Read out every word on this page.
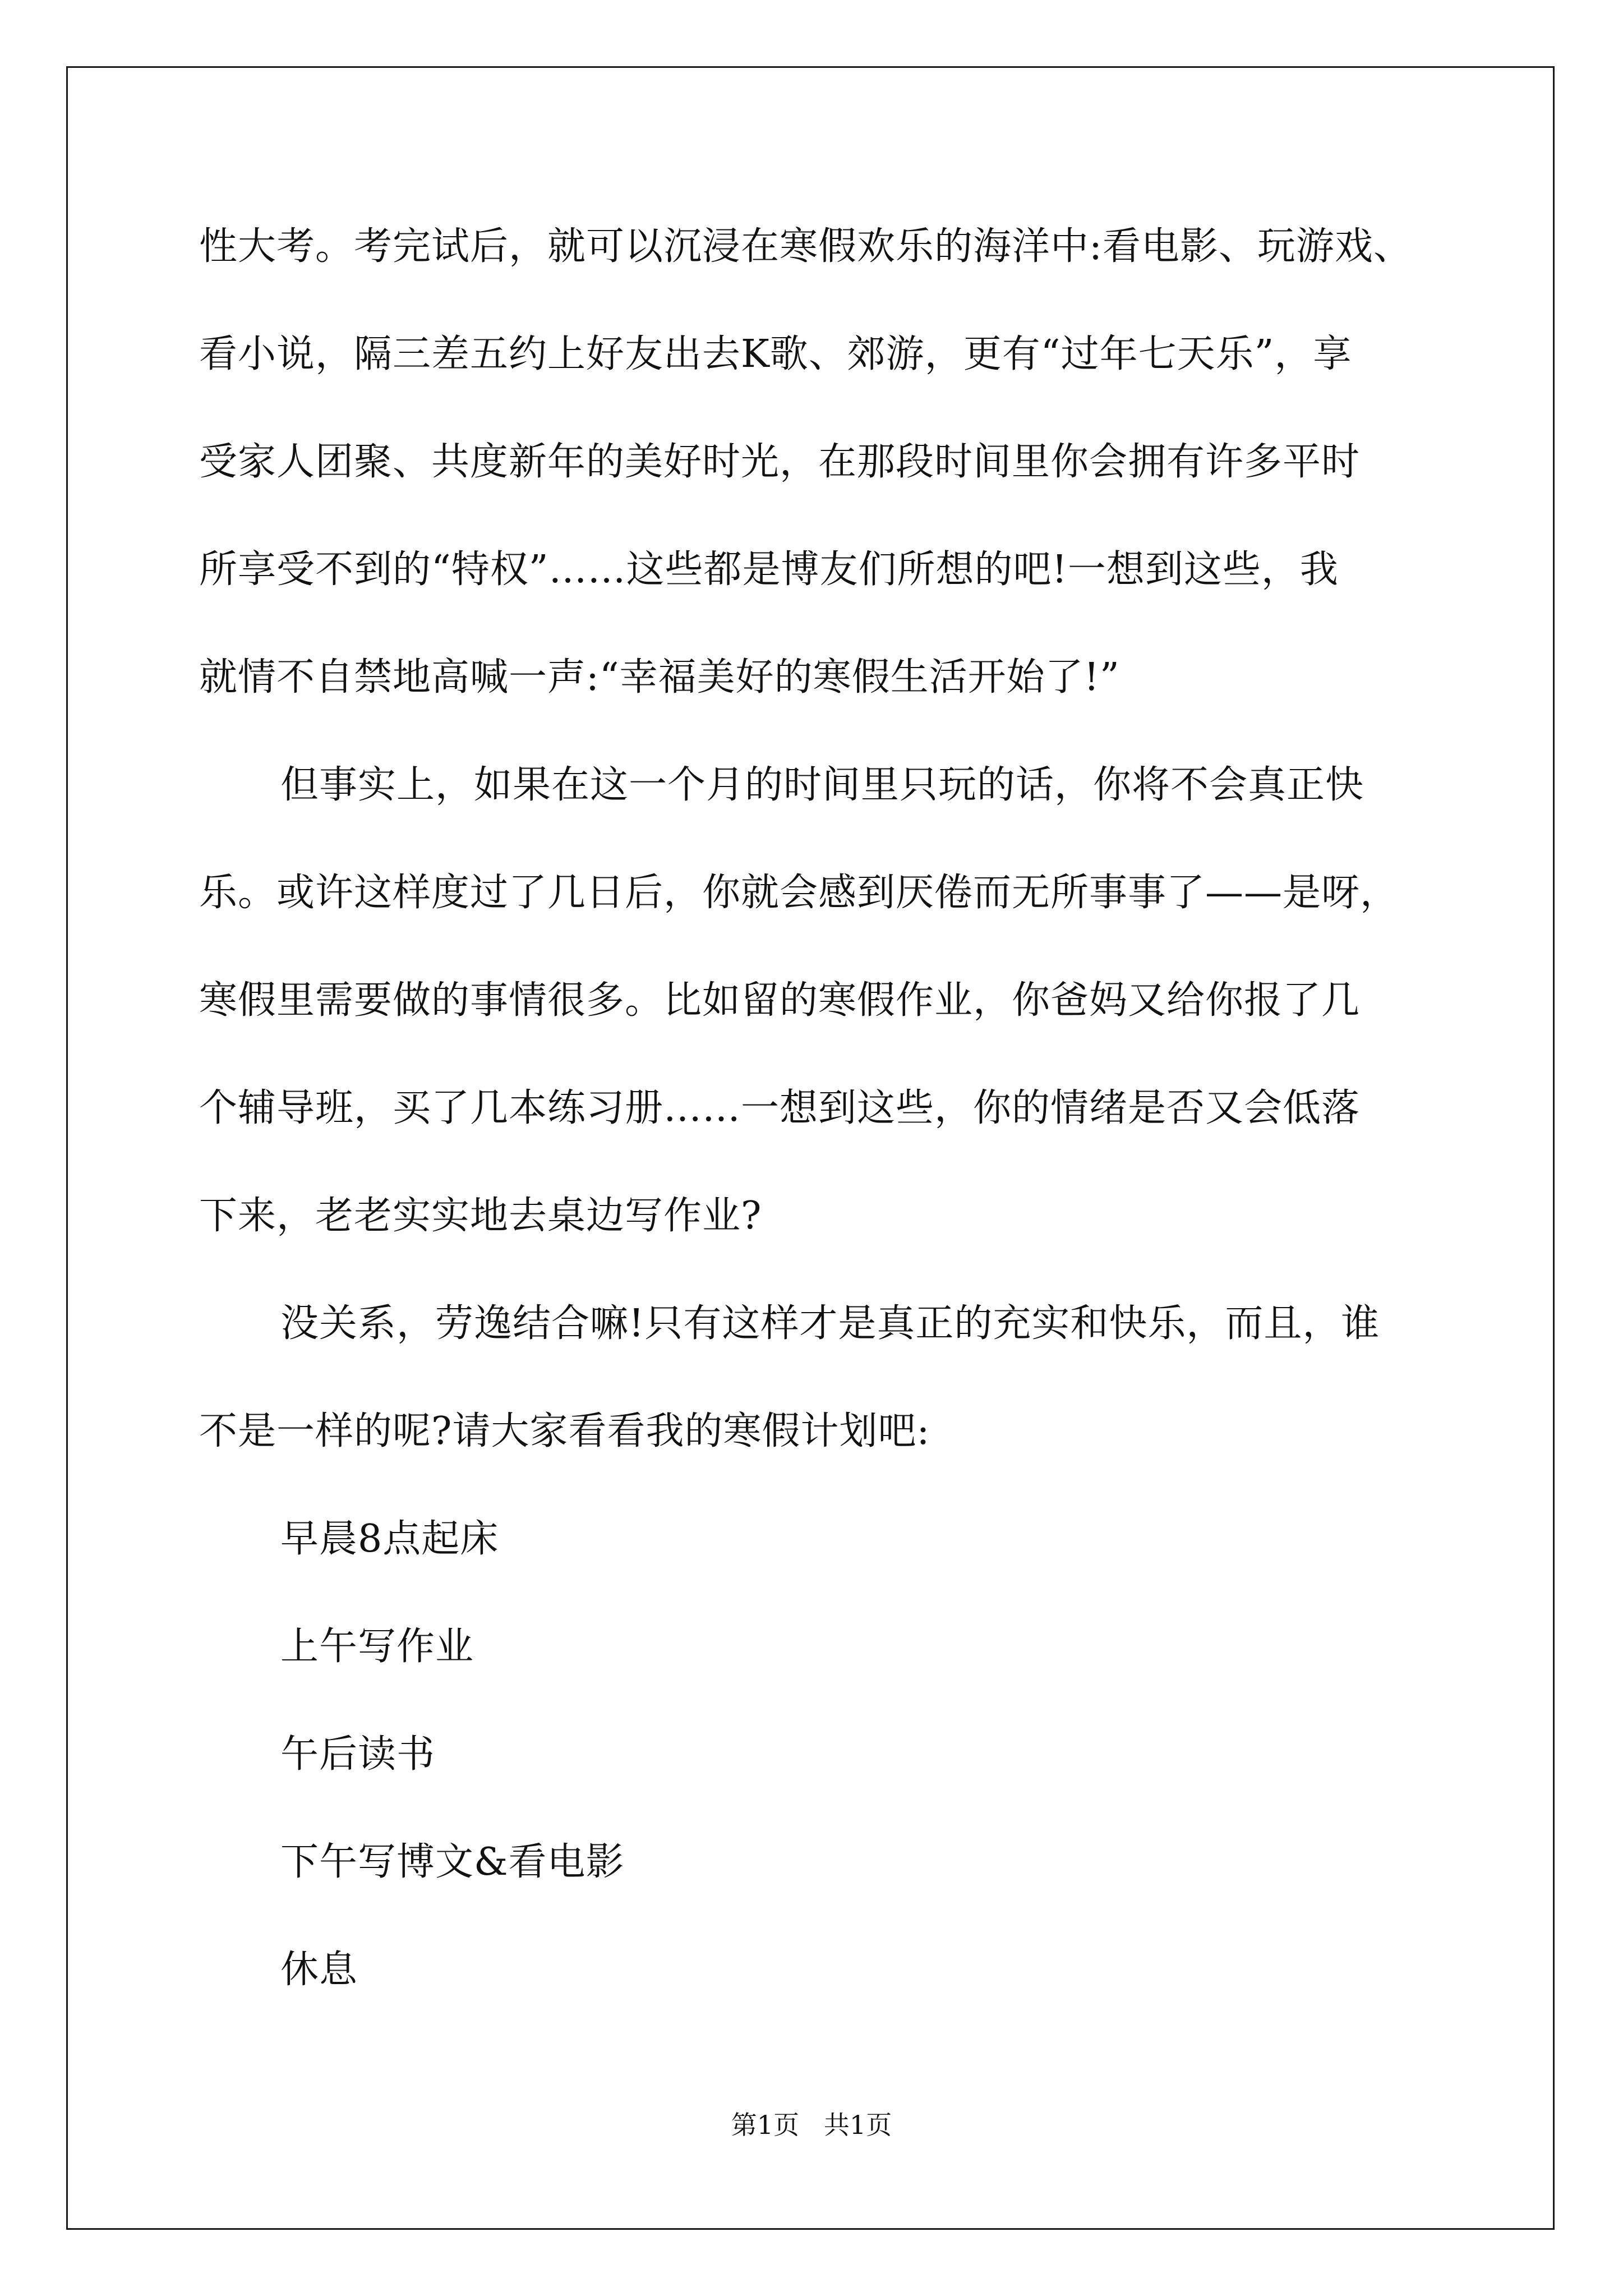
性大考。考完试后，就可以沉浸在寒假欢乐的海洋中:看电影、玩游戏、
看小说，隔三差五约上好友出去K歌、郊游，更有“过年七天乐”，享
受家人团聚、共度新年的美好时光，在那段时间里你会拥有许多平时
所享受不到的“特权”……这些都是博友们所想的吧!一想到这些，我
就情不自禁地高喊一声:“幸福美好的寒假生活开始了!”
但事实上，如果在这一个月的时间里只玩的话，你将不会真正快
乐。或许这样度过了几日后，你就会感到厌倦而无所事事了——是呀，
寒假里需要做的事情很多。比如留的寒假作业，你爸妈又给你报了几
个辅导班，买了几本练习册……一想到这些，你的情绪是否又会低落
下来，老老实实地去桌边写作业?
没关系，劳逸结合嘛!只有这样才是真正的充实和快乐，而且，谁
不是一样的呢?请大家看看我的寒假计划吧:
早晨8点起床
上午写作业
午后读书
下午写博文&看电影
休息
第1页   共1页
